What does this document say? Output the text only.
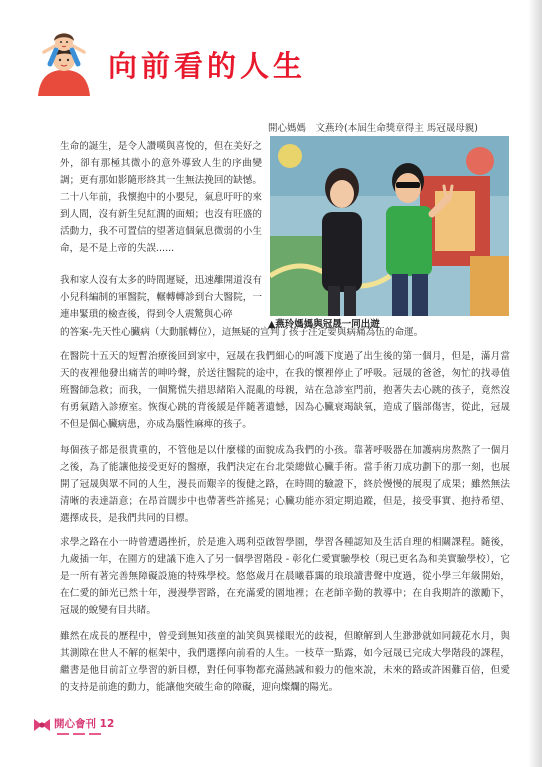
向前看的人生
開心媽媽　文燕玲(本屆生命獎章得主 馬冠晟母親)
▲燕玲媽媽與冠晟一同出遊

生命的誕生，是令人讚嘆與喜悅的，但在美好之外，卻有那極其微小的意外導致人生的序曲變調；更有那如影隨形終其一生無法挽回的缺憾。二十八年前，我懷抱中的小嬰兒，氣息吁吁的來到人間，沒有新生兒紅潤的面頰；也沒有旺盛的活動力，我不可置信的望著這個氣息微弱的小生命，是不是上帝的失誤......

我和家人沒有太多的時間遲疑，迅速離開道沒有小兒科編制的軍醫院，輾轉轉診到台大醫院，一連串緊瑣的檢查後，得到令人震驚與心碎

的答案-先天性心臟病（大動脈轉位），這無疑的宣判了孩子注定要與病痛為伍的命運。

在醫院十五天的短暫治療後回到家中，冠晟在我們細心的呵護下度過了出生後的第一個月，但是，滿月當天的夜裡他發出痛苦的呻吟聲，於送往醫院的途中，在我的懷裡停止了呼吸。冠晟的爸爸，匆忙的找尋值班醫師急救；而我，一個驚慌失措思緒陷入混亂的母親，站在急診室門前，抱著失去心跳的孩子，竟然沒有勇氣踏入診療室。恢復心跳的背後緩是伴隨著遺憾，因為心臟衰竭缺氧，造成了腦部傷害，從此，冠晟不但是個心臟病患，亦成為腦性麻痺的孩子。

每個孩子都是很貴重的，不管他是以什麼樣的面貌成為我們的小孩。靠著呼吸器在加護病房熬熬了一個月之後，為了能讓他接受更好的醫療，我們決定在台北榮總做心臟手術。當手術刀成功劃下的那一刻，也展開了冠晟與眾不同的人生，漫長而艱辛的復健之路，在時間的驗證下，終於慢慢的展現了成果；雖然無法清晰的表達語意；在昂首闊步中也帶著些許搖晃；心臟功能亦須定期追蹤，但是，接受事實、抱持希望、選擇成長，是我們共同的目標。

求學之路在小一時曾遭遇挫折，於是進入瑪利亞啟智學園，學習各種認知及生活自理的相關課程。隨後，九歲插一年，在園方的建議下進入了另一個學習階段 - 彰化仁愛實驗學校（現已更名為和美實驗學校），它是一所有著完善無障礙設施的特殊學校。悠悠歲月在晨曦暮靄的琅琅讀書聲中度過，從小學三年級開始，在仁愛的師光已然十年，漫漫學習路，在充滿愛的園地裡；在老師辛勤的教導中；在自我期許的激勵下，冠晟的蛻變有目共睹。

雖然在成長的歷程中，曾受到無知孩童的訕笑與異樣眼光的歧視，但瞭解到人生渺渺就如同鏡花水月，與其測隙在世人不解的框架中，我們選擇向前看的人生。一枝草一點露，如今冠晟已完成大學階段的課程，繼書是他目前訂立學習的新目標，對任何事物都充滿熱誠和毅力的他來說，未來的路或許困難百倍，但愛的支持是前進的動力，能讓他突破生命的障礙，迎向燦爛的陽光。

開心會刊 12
